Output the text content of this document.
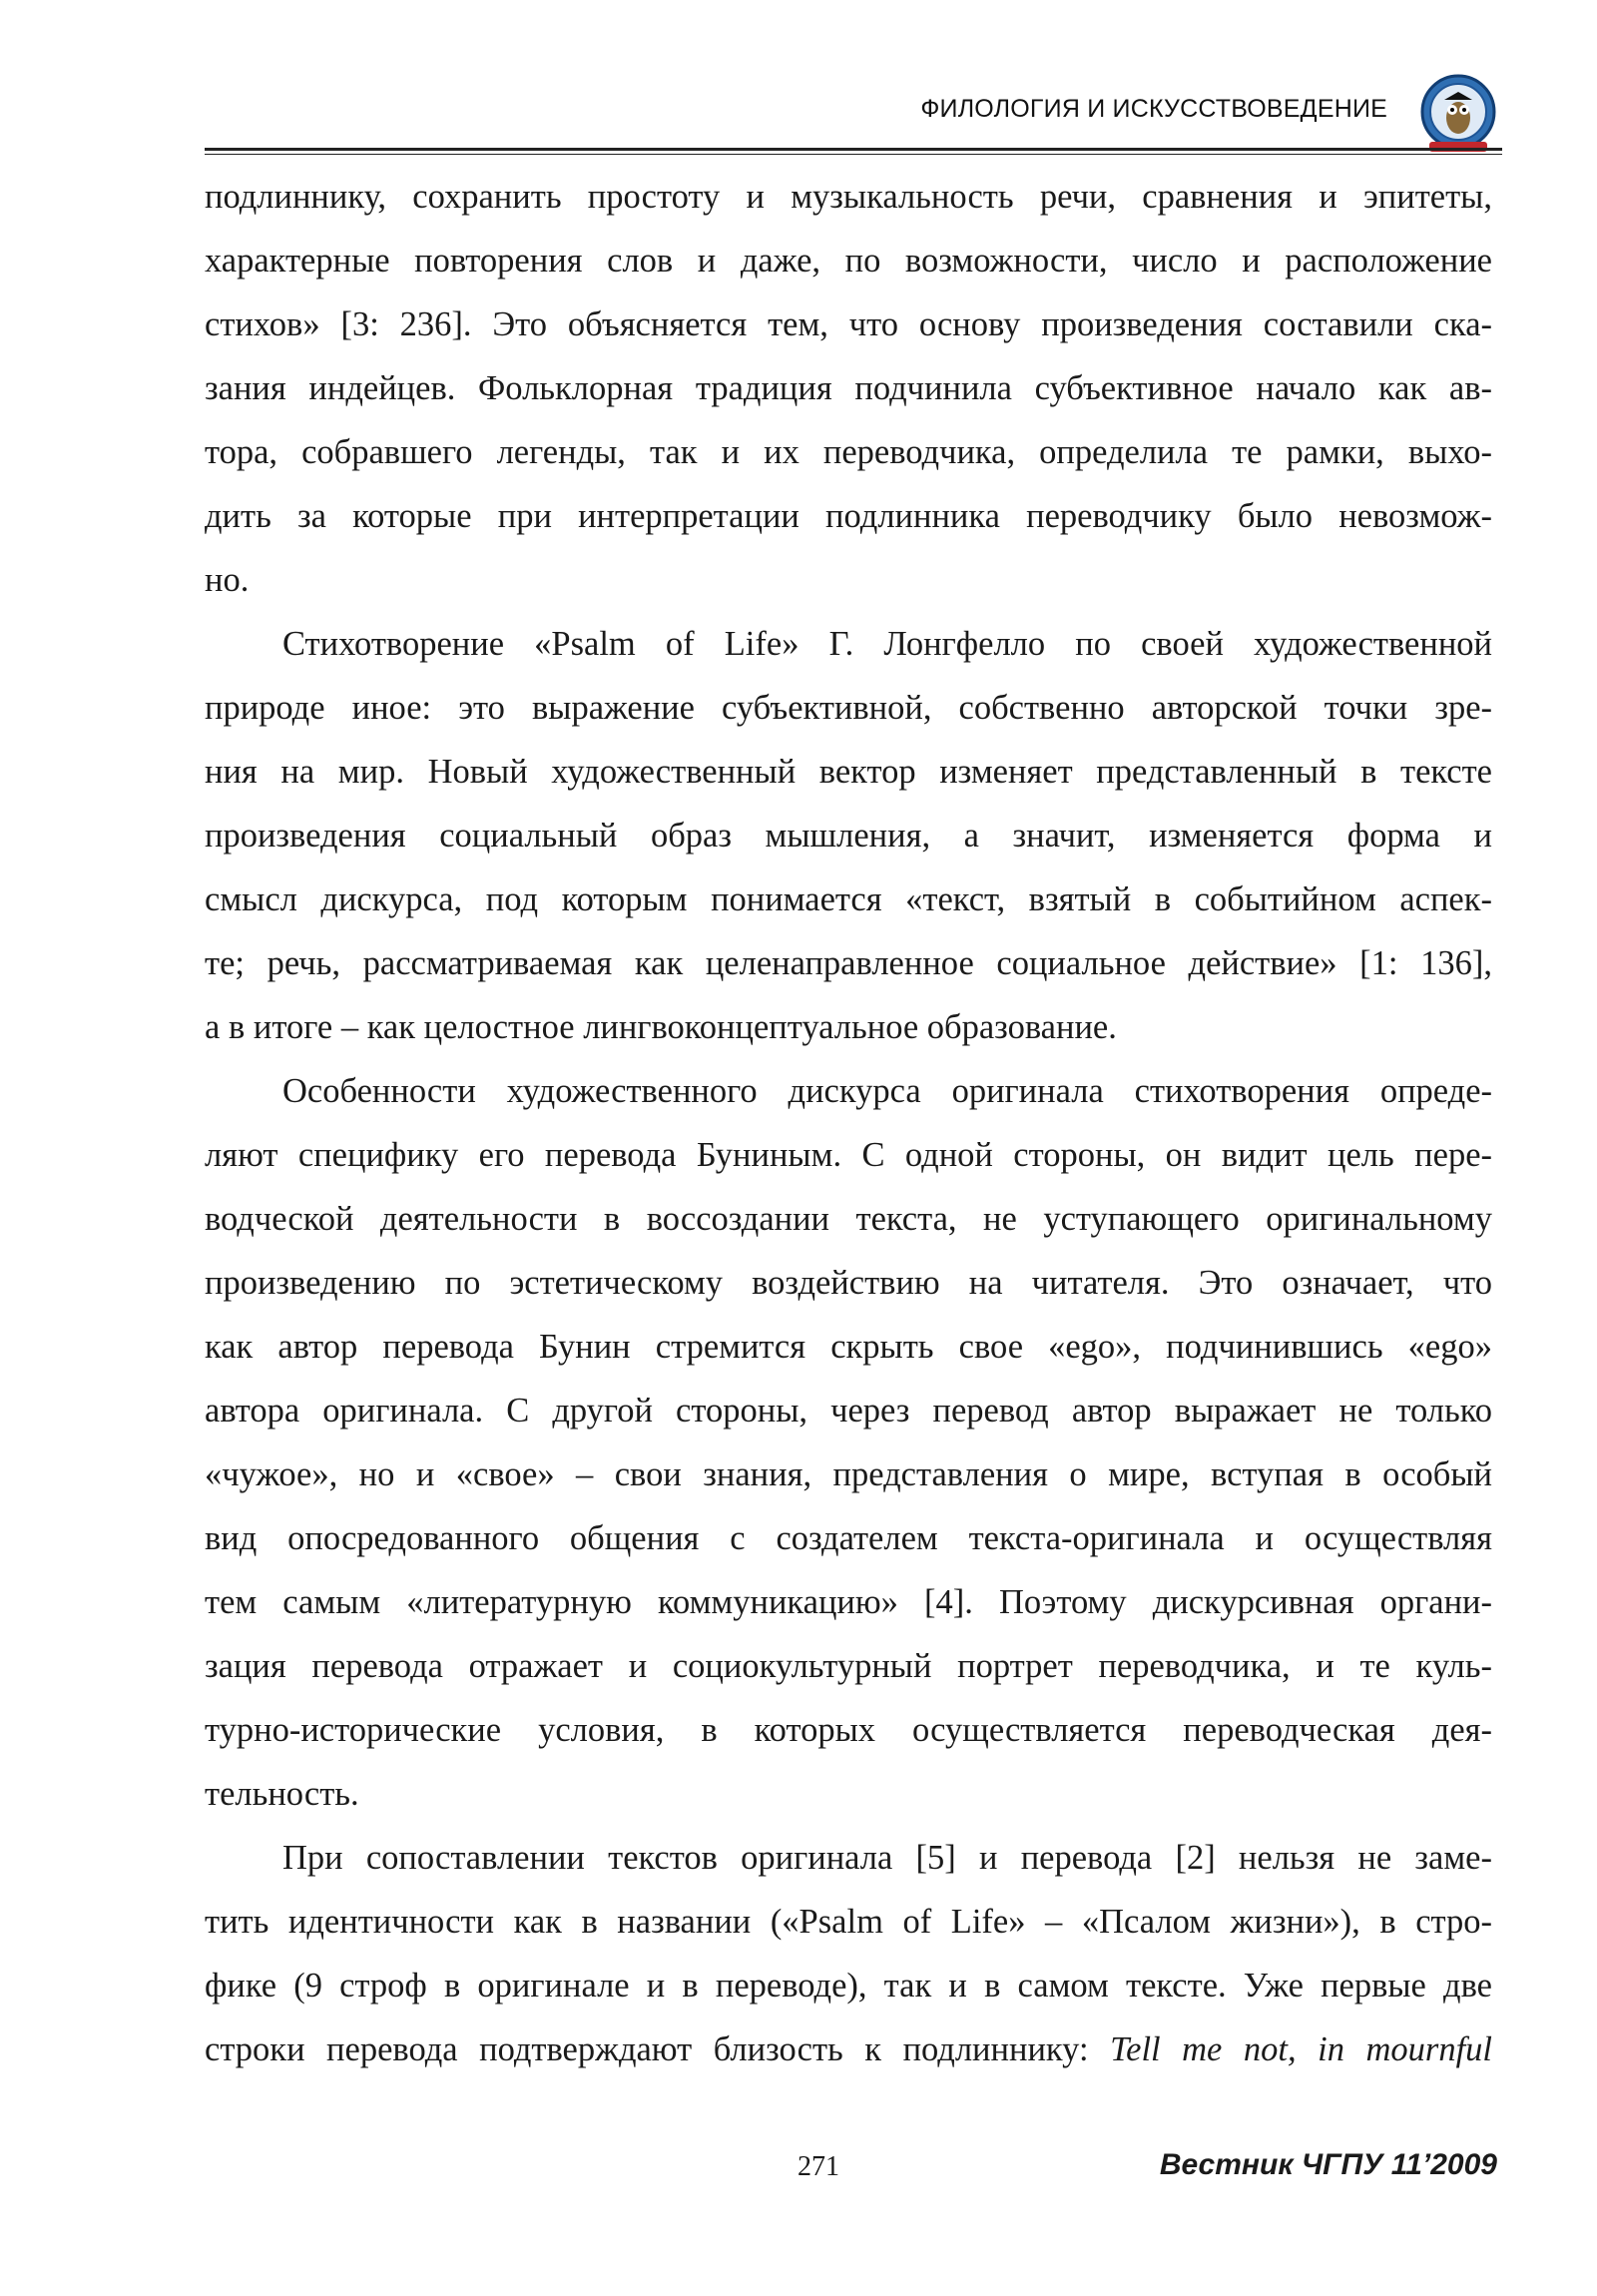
ФИЛОЛОГИЯ И ИСКУССТВОВЕДЕНИЕ
подлиннику, сохранить простоту и музыкальность речи, сравнения и эпитеты,
характерные повторения слов и даже, по возможности, число и расположение
стихов» [3: 236]. Это объясняется тем, что основу произведения составили ска-
зания индейцев. Фольклорная традиция подчинила субъективное начало как ав-
тора, собравшего легенды, так и их переводчика, определила те рамки, выхо-
дить за которые при интерпретации подлинника переводчику было невозмож-
но.
Стихотворение «Psalm of Life» Г. Лонгфелло по своей художественной
природе иное: это выражение субъективной, собственно авторской точки зре-
ния на мир. Новый художественный вектор изменяет представленный в тексте
произведения социальный образ мышления, а значит, изменяется форма и
смысл дискурса, под которым понимается «текст, взятый в событийном аспек-
те; речь, рассматриваемая как целенаправленное социальное действие» [1: 136],
а в итоге – как целостное лингвоконцептуальное образование.
Особенности художественного дискурса оригинала стихотворения опреде-
ляют специфику его перевода Буниным. С одной стороны, он видит цель пере-
водческой деятельности в воссоздании текста, не уступающего оригинальному
произведению по эстетическому воздействию на читателя. Это означает, что
как автор перевода Бунин стремится скрыть свое «ego», подчинившись «ego»
автора оригинала. С другой стороны, через перевод автор выражает не только
«чужое», но и «свое» – свои знания, представления о мире, вступая в особый
вид опосредованного общения с создателем текста-оригинала и осуществляя
тем самым «литературную коммуникацию» [4]. Поэтому дискурсивная органи-
зация перевода отражает и социокультурный портрет переводчика, и те куль-
турно-исторические условия, в которых осуществляется переводческая дея-
тельность.
При сопоставлении текстов оригинала [5] и перевода [2] нельзя не заме-
тить идентичности как в названии («Psalm of Life» – «Псалом жизни»), в стро-
фике (9 строф в оригинале и в переводе), так и в самом тексте. Уже первые две
строки перевода подтверждают близость к подлиннику: Tell me not, in mournful
271	Вестник ЧГПУ 11’2009
